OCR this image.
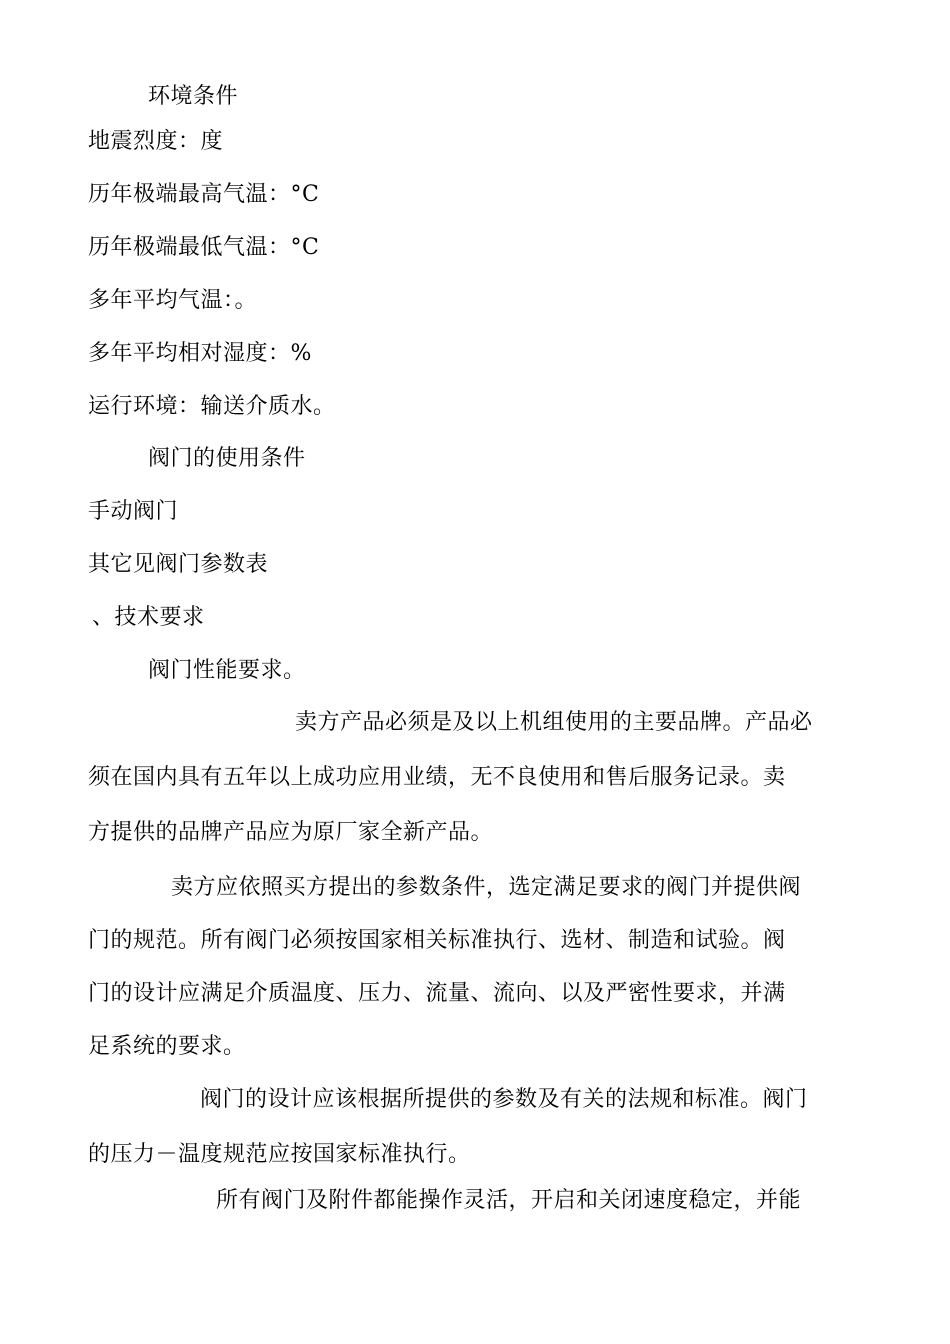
环境条件
地震烈度：度
历年极端最高气温：°C
历年极端最低气温：°C
多年平均气温：。
多年平均相对湿度：%
运行环境：输送介质水。
阀门的使用条件
手动阀门
其它见阀门参数表
、技术要求
阀门性能要求。
卖方产品必须是及以上机组使用的主要品牌。产品必
须在国内具有五年以上成功应用业绩，无不良使用和售后服务记录。卖
方提供的品牌产品应为原厂家全新产品。
卖方应依照买方提出的参数条件，选定满足要求的阀门并提供阀
门的规范。所有阀门必须按国家相关标准执行、选材、制造和试验。阀
门的设计应满足介质温度、压力、流量、流向、以及严密性要求，并满
足系统的要求。
阀门的设计应该根据所提供的参数及有关的法规和标准。阀门
的压力－温度规范应按国家标准执行。
所有阀门及附件都能操作灵活，开启和关闭速度稳定，并能
